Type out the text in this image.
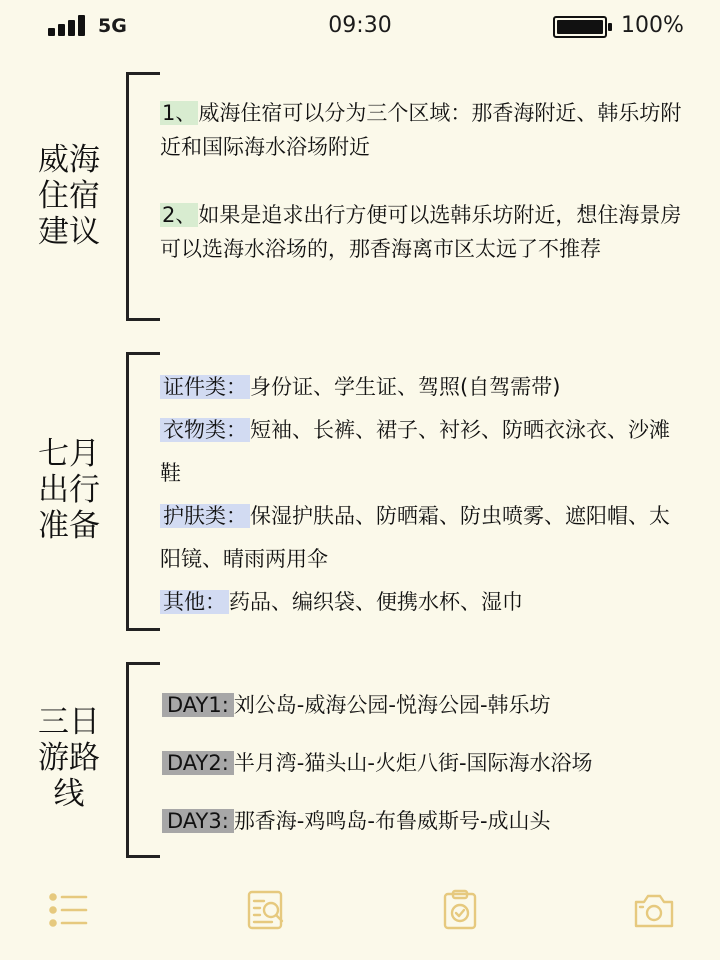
5G	09:30	100%
威海
住宿
建议
1、威海住宿可以分为三个区域：那香海附近、韩乐坊附近和国际海水浴场附近
2、如果是追求出行方便可以选韩乐坊附近，想住海景房可以选海水浴场的，那香海离市区太远了不推荐
七月
出行
准备
证件类： 身份证、学生证、驾照(自驾需带)
衣物类： 短袖、长裤、裙子、衬衫、防晒衣泳衣、沙滩鞋
护肤类： 保湿护肤品、防晒霜、防虫喷雾、遮阳帽、太阳镜、晴雨两用伞
其他： 药品、编织袋、便携水杯、湿巾
三日
游路
线
DAY1: 刘公岛-威海公园-悦海公园-韩乐坊
DAY2: 半月湾-猫头山-火炬八街-国际海水浴场
DAY3: 那香海-鸡鸣岛-布鲁威斯号-成山头
